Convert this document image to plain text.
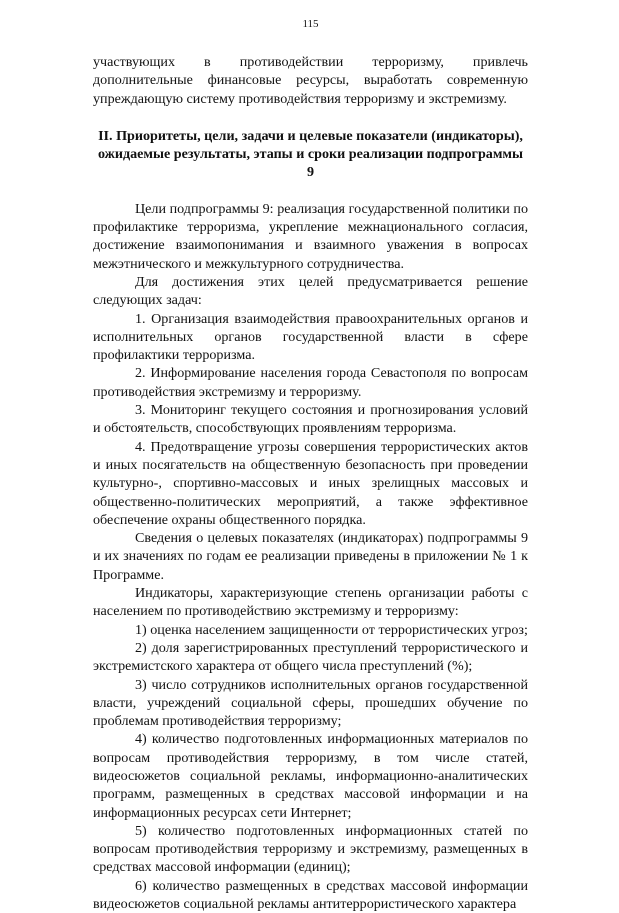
115

участвующих в противодействии терроризму, привлечь дополнительные финансовые ресурсы, выработать современную упреждающую систему противодействия терроризму и экстремизму.

II. Приоритеты, цели, задачи и целевые показатели (индикаторы),
ожидаемые результаты, этапы и сроки реализации подпрограммы 9

Цели подпрограммы 9: реализация государственной политики по профилактике терроризма, укрепление межнационального согласия, достижение взаимопонимания и взаимного уважения в вопросах межэтнического и межкультурного сотрудничества.

Для достижения этих целей предусматривается решение следующих задач:

1. Организация взаимодействия правоохранительных органов и исполнительных органов государственной власти в сфере профилактики терроризма.

2. Информирование населения города Севастополя по вопросам противодействия экстремизму и терроризму.

3. Мониторинг текущего состояния и прогнозирования условий и обстоятельств, способствующих проявлениям терроризма.

4. Предотвращение угрозы совершения террористических актов и иных посягательств на общественную безопасность при проведении культурно-, спортивно-массовых и иных зрелищных массовых и общественно-политических мероприятий, а также эффективное обеспечение охраны общественного порядка.

Сведения о целевых показателях (индикаторах) подпрограммы 9 и их значениях по годам ее реализации приведены в приложении № 1 к Программе.

Индикаторы, характеризующие степень организации работы с населением по противодействию экстремизму и терроризму:

1) оценка населением защищенности от террористических угроз;

2) доля зарегистрированных преступлений террористического и экстремистского характера от общего числа преступлений (%);

3) число сотрудников исполнительных органов государственной власти, учреждений социальной сферы, прошедших обучение по проблемам противодействия терроризму;

4) количество подготовленных информационных материалов по вопросам противодействия терроризму, в том числе статей, видеосюжетов социальной рекламы, информационно-аналитических программ, размещенных в средствах массовой информации и на информационных ресурсах сети Интернет;

5) количество подготовленных информационных статей по вопросам противодействия терроризму и экстремизму, размещенных в средствах массовой информации (единиц);

6) количество размещенных в средствах массовой информации видеосюжетов социальной рекламы антитеррористического характера
